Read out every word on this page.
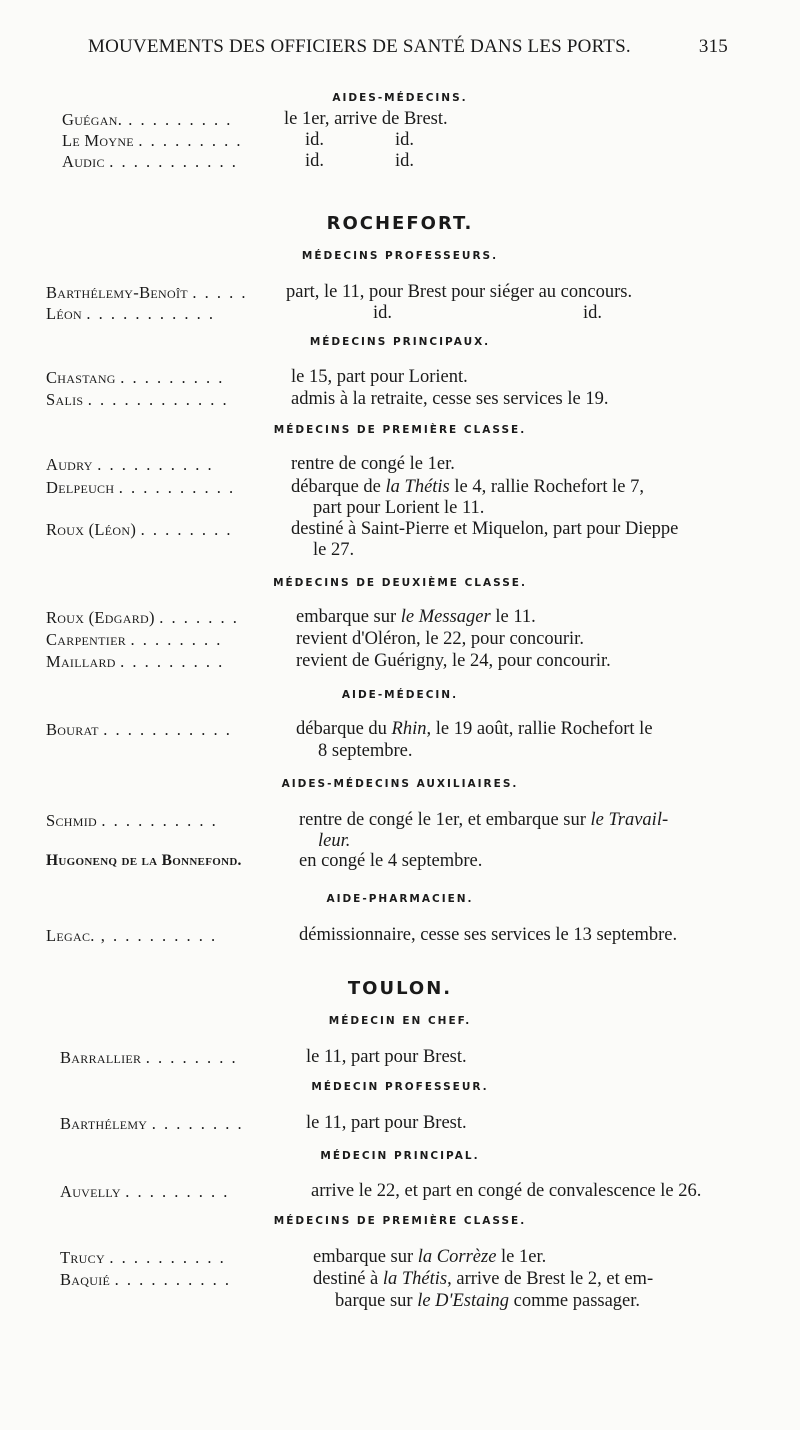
MOUVEMENTS DES OFFICIERS DE SANTÉ DANS LES PORTS.	315
AIDES-MÉDECINS.
Guégan. . . . . . . . . .	le 1er, arrive de Brest.
Le Moyne . . . . . . . . .	id.	id.
Audic . . . . . . . . . . .	id.	id.
ROCHEFORT.
MÉDECINS PROFESSEURS.
Barthélemy-Benoît . . . . . part, le 11, pour Brest pour siéger au concours.
Léon . . . . . . . . . . .	id.	id.
MÉDECINS PRINCIPAUX.
Chastang . . . . . . . . .	le 15, part pour Lorient.
Salis . . . . . . . . . . . .	admis à la retraite, cesse ses services le 19.
MÉDECINS DE PREMIÈRE CLASSE.
Audry . . . . . . . . . .	rentre de congé le 1er.
Delpeuch . . . . . . . . . .	débarque de la Thétis le 4, rallie Rochefort le 7,
part pour Lorient le 11.
Roux (Léon) . . . . . . . .	destiné à Saint-Pierre et Miquelon, part pour Dieppe
le 27.
MÉDECINS DE DEUXIÈME CLASSE.
Roux (Edgard) . . . . . . .	embarque sur le Messager le 11.
Carpentier . . . . . . . .	revient d'Oléron, le 22, pour concourir.
Maillard . . . . . . . . .	revient de Guérigny, le 24, pour concourir.
AIDE-MÉDECIN.
Bourat . . . . . . . . . . .	débarque du Rhin, le 19 août, rallie Rochefort le
8 septembre.
AIDES-MÉDECINS AUXILIAIRES.
Schmid . . . . . . . . . .	rentre de congé le 1er, et embarque sur le Travail-
leur.
Hugonenq de la Bonnefond.	en congé le 4 septembre.
AIDE-PHARMACIEN.
Legac. , . . . . . . . . .	démissionnaire, cesse ses services le 13 septembre.
TOULON.
MÉDECIN EN CHEF.
Barrallier . . . . . . . .	le 11, part pour Brest.
MÉDECIN PROFESSEUR.
Barthélemy . . . . . . . .	le 11, part pour Brest.
MÉDECIN PRINCIPAL.
Auvelly . . . . . . . . .	arrive le 22, et part en congé de convalescence le 26.
MÉDECINS DE PREMIÈRE CLASSE.
Trucy . . . . . . . . . .	embarque sur la Corrèze le 1er.
Baquié . . . . . . . . . .	destiné à la Thétis, arrive de Brest le 2, et em-
barque sur le D'Estaing comme passager.
